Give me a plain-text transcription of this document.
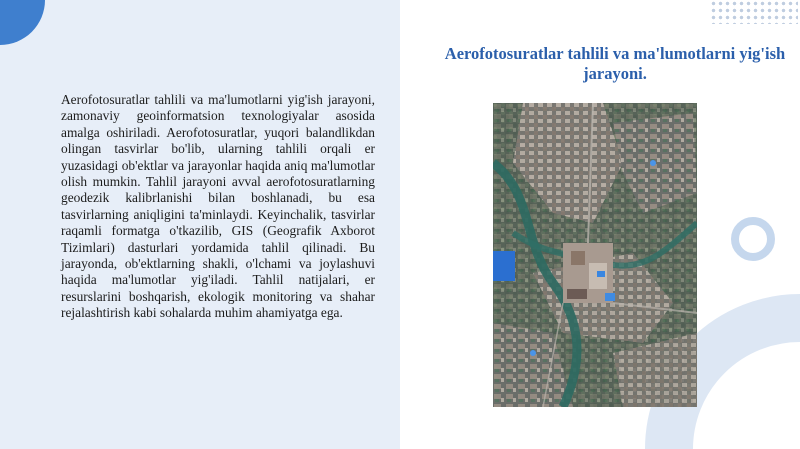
Aerofotosuratlar tahlili va ma'lumotlarni yig'ish jarayoni, zamonaviy geoinformatsion texnologiyalar asosida amalga oshiriladi. Aerofotosuratlar, yuqori balandlikdan olingan tasvirlar bo'lib, ularning tahlili orqali er yuzasidagi ob'ektlar va jarayonlar haqida aniq ma'lumotlar olish mumkin. Tahlil jarayoni avval aerofotosuratlarning geodezik kalibrlanishi bilan boshlanadi, bu esa tasvirlarning aniqligini ta'minlaydi. Keyinchalik, tasvirlar raqamli formatga o'tkazilib, GIS (Geografik Axborot Tizimlari) dasturlari yordamida tahlil qilinadi. Bu jarayonda, ob'ektlarning shakli, o'lchami va joylashuvi haqida ma'lumotlar yig'iladi. Tahlil natijalari, er resurslarini boshqarish, ekologik monitoring va shahar rejalashtirish kabi sohalarda muhim ahamiyatga ega.

Aerofotosuratlar tahlili va ma'lumotlarni yig'ish jarayoni.
